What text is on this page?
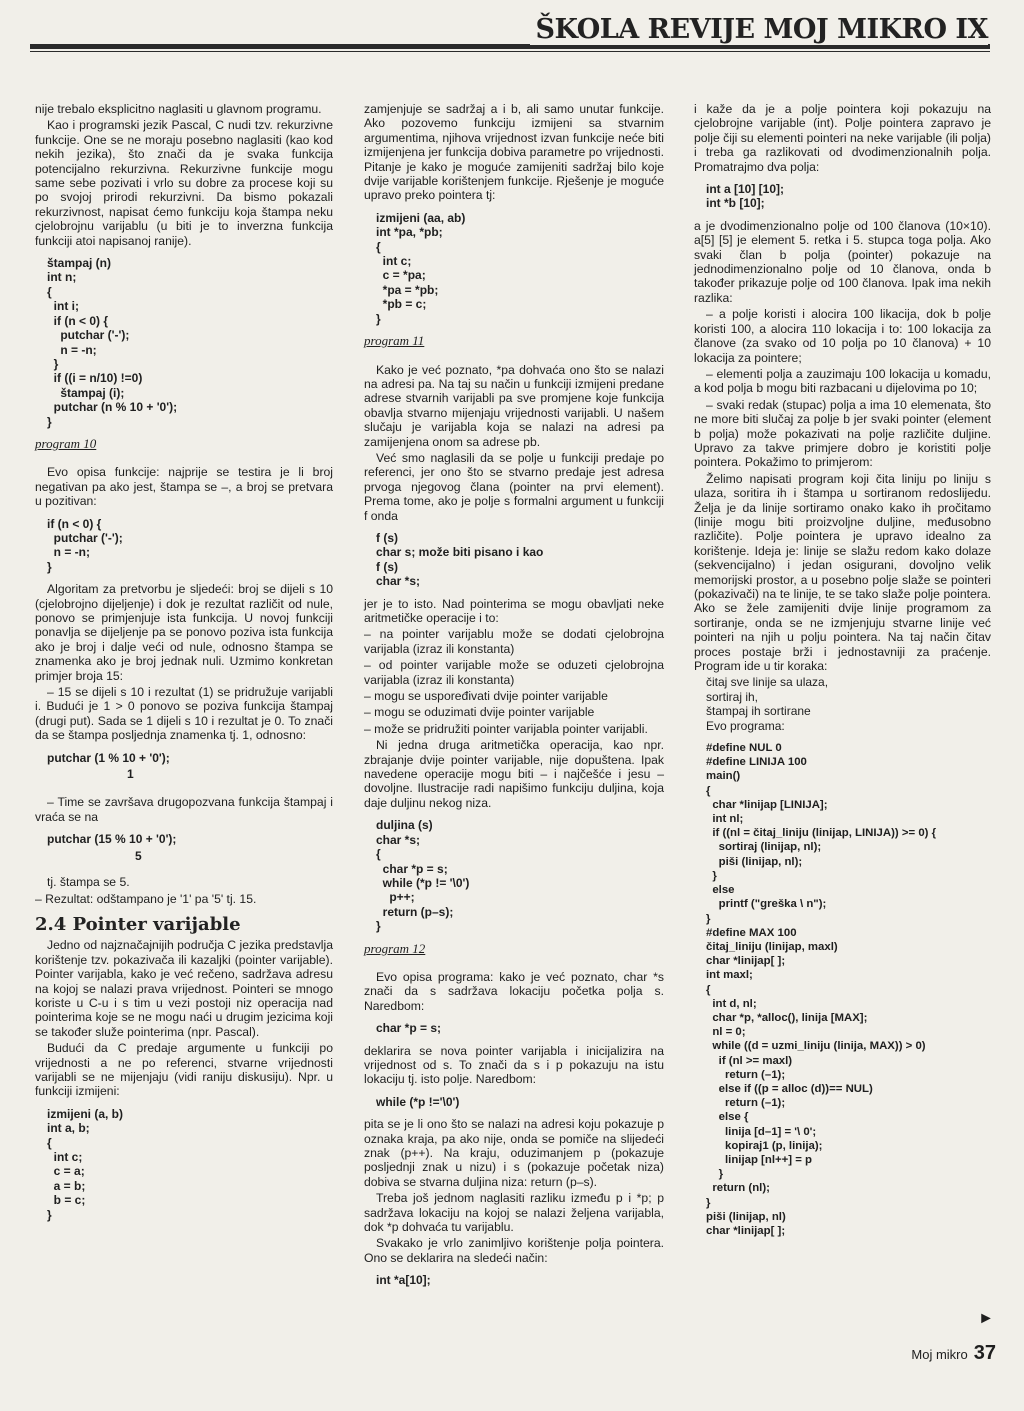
ŠKOLA REVIJE MOJ MIKRO IX

nije trebalo eksplicitno naglasiti u glavnom programu.

Kao i programski jezik Pascal, C nudi tzv. rekurzivne funkcije. One se ne moraju posebno naglasiti (kao kod nekih jezika), što znači da je svaka funkcija potencijalno rekurzivna. Rekurzivne funkcije mogu same sebe pozivati i vrlo su dobre za procese koji su po svojoj prirodi rekurzivni. Da bismo pokazali rekurzivnost, napisat ćemo funkciju koja štampa neku cjelobrojnu varijablu (u biti je to inverzna funkcija funkciji atoi napisanoj ranije).

štampaj (n)
int n;
{
int i;
if (n < 0) {
putchar ('-');
n = -n;
}
if ((i = n/10) !=0)
štampaj (i);
putchar (n % 10 + '0');
}
program 10

Evo opisa funkcije: najprije se testira je li broj negativan pa ako jest, štampa se –, a broj se pretvara u pozitivan:

if (n < 0) {
putchar ('-');
n = -n;
}

Algoritam za pretvorbu je sljedeći: broj se dijeli s 10 (cjelobrojno dijeljenje) i dok je rezultat različit od nule, ponovo se primjenjuje ista funkcija. U novoj funkciji ponavlja se dijeljenje pa se ponovo poziva ista funkcija ako je broj i dalje veći od nule, odnosno štampa se znamenka ako je broj jednak nuli. Uzmimo konkretan primjer broja 15:

– 15 se dijeli s 10 i rezultat (1) se pridružuje varijabli i. Budući je 1 > 0 ponovo se poziva funkcija štampaj (drugi put). Sada se 1 dijeli s 10 i rezultat je 0. To znači da se štampa posljednja znamenka tj. 1, odnosno:

putchar (1 % 10 + '0');
1

– Time se završava drugopozvana funkcija štampaj i vraća se na

putchar (15 % 10 + '0');
5

tj. štampa se 5.

– Rezultat: odštampano je '1' pa '5' tj. 15.

2.4 Pointer varijable

Jedno od najznačajnijih područja C jezika predstavlja korištenje tzv. pokazivača ili kazaljki (pointer varijable). Pointer varijabla, kako je već rečeno, sadržava adresu na kojoj se nalazi prava vrijednost. Pointeri se mnogo koriste u C-u i s tim u vezi postoji niz operacija nad pointerima koje se ne mogu naći u drugim jezicima koji se također služe pointerima (npr. Pascal).

Budući da C predaje argumente u funkciji po vrijednosti a ne po referenci, stvarne vrijednosti varijabli se ne mijenjaju (vidi raniju diskusiju). Npr. u funkciji izmijeni:

izmijeni (a, b)
int a, b;
{
int c;
c = a;
a = b;
b = c;
}

zamjenjuje se sadržaj a i b, ali samo unutar funkcije. Ako pozovemo funkciju izmijeni sa stvarnim argumentima, njihova vrijednost izvan funkcije neće biti izmijenjena jer funkcija dobiva parametre po vrijednosti. Pitanje je kako je moguće zamijeniti sadržaj bilo koje dvije varijable korištenjem funkcije. Rješenje je moguće upravo preko pointera tj:

izmijeni (aa, ab)
int *pa, *pb;
{
int c;
c = *pa;
*pa = *pb;
*pb = c;
}
program 11

Kako je već poznato, *pa dohvaća ono što se nalazi na adresi pa. Na taj su način u funkciji izmijeni predane adrese stvarnih varijabli pa sve promjene koje funkcija obavlja stvarno mijenjaju vrijednosti varijabli. U našem slučaju je varijabla koja se nalazi na adresi pa zamijenjena onom sa adrese pb.

Već smo naglasili da se polje u funkciji predaje po referenci, jer ono što se stvarno predaje jest adresa prvoga njegovog člana (pointer na prvi element). Prema tome, ako je polje s formalni argument u funkciji f onda

f (s)
char s; može biti pisano i kao
f (s)
char *s;

jer je to isto. Nad pointerima se mogu obavljati neke aritmetičke operacije i to:

– na pointer varijablu može se dodati cjelobrojna varijabla (izraz ili konstanta)

– od pointer varijable može se oduzeti cjelobrojna varijabla (izraz ili konstanta)

– mogu se uspoređivati dvije pointer varijable

– mogu se oduzimati dvije pointer varijable

– može se pridružiti pointer varijabla pointer varijabli.

Ni jedna druga aritmetička operacija, kao npr. zbrajanje dvije pointer varijable, nije dopuštena. Ipak navedene operacije mogu biti – i najčešće i jesu – dovoljne. Ilustracije radi napišimo funkciju duljina, koja daje duljinu nekog niza.

duljina (s)
char *s;
{
char *p = s;
while (*p != '\0')
p++;
return (p–s);
}
program 12

Evo opisa programa: kako je već poznato, char *s znači da s sadržava lokaciju početka polja s. Naredbom:

char *p = s;

deklarira se nova pointer varijabla i inicijalizira na vrijednost od s. To znači da s i p pokazuju na istu lokaciju tj. isto polje. Naredbom:

while (*p !='\0')

pita se je li ono što se nalazi na adresi koju pokazuje p oznaka kraja, pa ako nije, onda se pomiče na slijedeći znak (p++). Na kraju, oduzimanjem p (pokazuje posljednji znak u nizu) i s (pokazuje početak niza) dobiva se stvarna duljina niza: return (p–s).

Treba još jednom naglasiti razliku između p i *p; p sadržava lokaciju na kojoj se nalazi željena varijabla, dok *p dohvaća tu varijablu.

Svakako je vrlo zanimljivo korištenje polja pointera. Ono se deklarira na sledeći način:

int *a[10];

i kaže da je a polje pointera koji pokazuju na cjelobrojne varijable (int). Polje pointera zapravo je polje čiji su elementi pointeri na neke varijable (ili polja) i treba ga razlikovati od dvodimenzionalnih polja. Promatrajmo dva polja:

int a [10] [10];
int *b [10];

a je dvodimenzionalno polje od 100 članova (10×10). a[5] [5] je element 5. retka i 5. stupca toga polja. Ako svaki član b polja (pointer) pokazuje na jednodimenzionalno polje od 10 članova, onda b također prikazuje polje od 100 članova. Ipak ima nekih razlika:

– a polje koristi i alocira 100 likacija, dok b polje koristi 100, a alocira 110 lokacija i to: 100 lokacija za članove (za svako od 10 polja po 10 članova) + 10 lokacija za pointere;

– elementi polja a zauzimaju 100 lokacija u komadu, a kod polja b mogu biti razbacani u dijelovima po 10;

– svaki redak (stupac) polja a ima 10 elemenata, što ne more biti slučaj za polje b jer svaki pointer (element b polja) može pokazivati na polje različite duljine. Upravo za takve primjere dobro je koristiti polje pointera. Pokažimo to primjerom:

Želimo napisati program koji čita liniju po liniju s ulaza, soritira ih i štampa u sortiranom redoslijedu. Želja je da linije sortiramo onako kako ih pročitamo (linije mogu biti proizvoljne duljine, međusobno različite). Polje pointera je upravo idealno za korištenje. Ideja je: linije se slažu redom kako dolaze (sekvencijalno) i jedan osigurani, dovoljno velik memorijski prostor, a u posebno polje slaže se pointeri (pokazivači) na te linije, te se tako slaže polje pointera. Ako se žele zamijeniti dvije linije programom za sortiranje, onda se ne izmjenjuju stvarne linije već pointeri na njih u polju pointera. Na taj način čitav proces postaje brži i jednostavniji za praćenje. Program ide u tir koraka:

čitaj sve linije sa ulaza,
sortiraj ih,
štampaj ih sortirane
Evo programa:
#define NUL 0
#define LINIJA 100
main()
{
char *linijap [LINIJA];
int nl;
if ((nl = čitaj_liniju (linijap, LINIJA)) >= 0) {
sortiraj (linijap, nl);
piši (linijap, nl);
}
else
printf ("greška \ n");
}
#define MAX 100
čitaj_liniju (linijap, maxl)
char *linijap[ ];
int maxl;
{
int d, nl;
char *p, *alloc(), linija [MAX];
nl = 0;
while ((d = uzmi_liniju (linija, MAX)) > 0)
if (nl >= maxl)
return (–1);
else if ((p = alloc (d))== NUL)
return (–1);
else {
linija [d–1] = '\ 0';
kopiraj1 (p, linija);
linijap [nl++] = p
}
return (nl);
}
piši (linijap, nl)
char *linijap[ ];
►
Moj mikro 37
